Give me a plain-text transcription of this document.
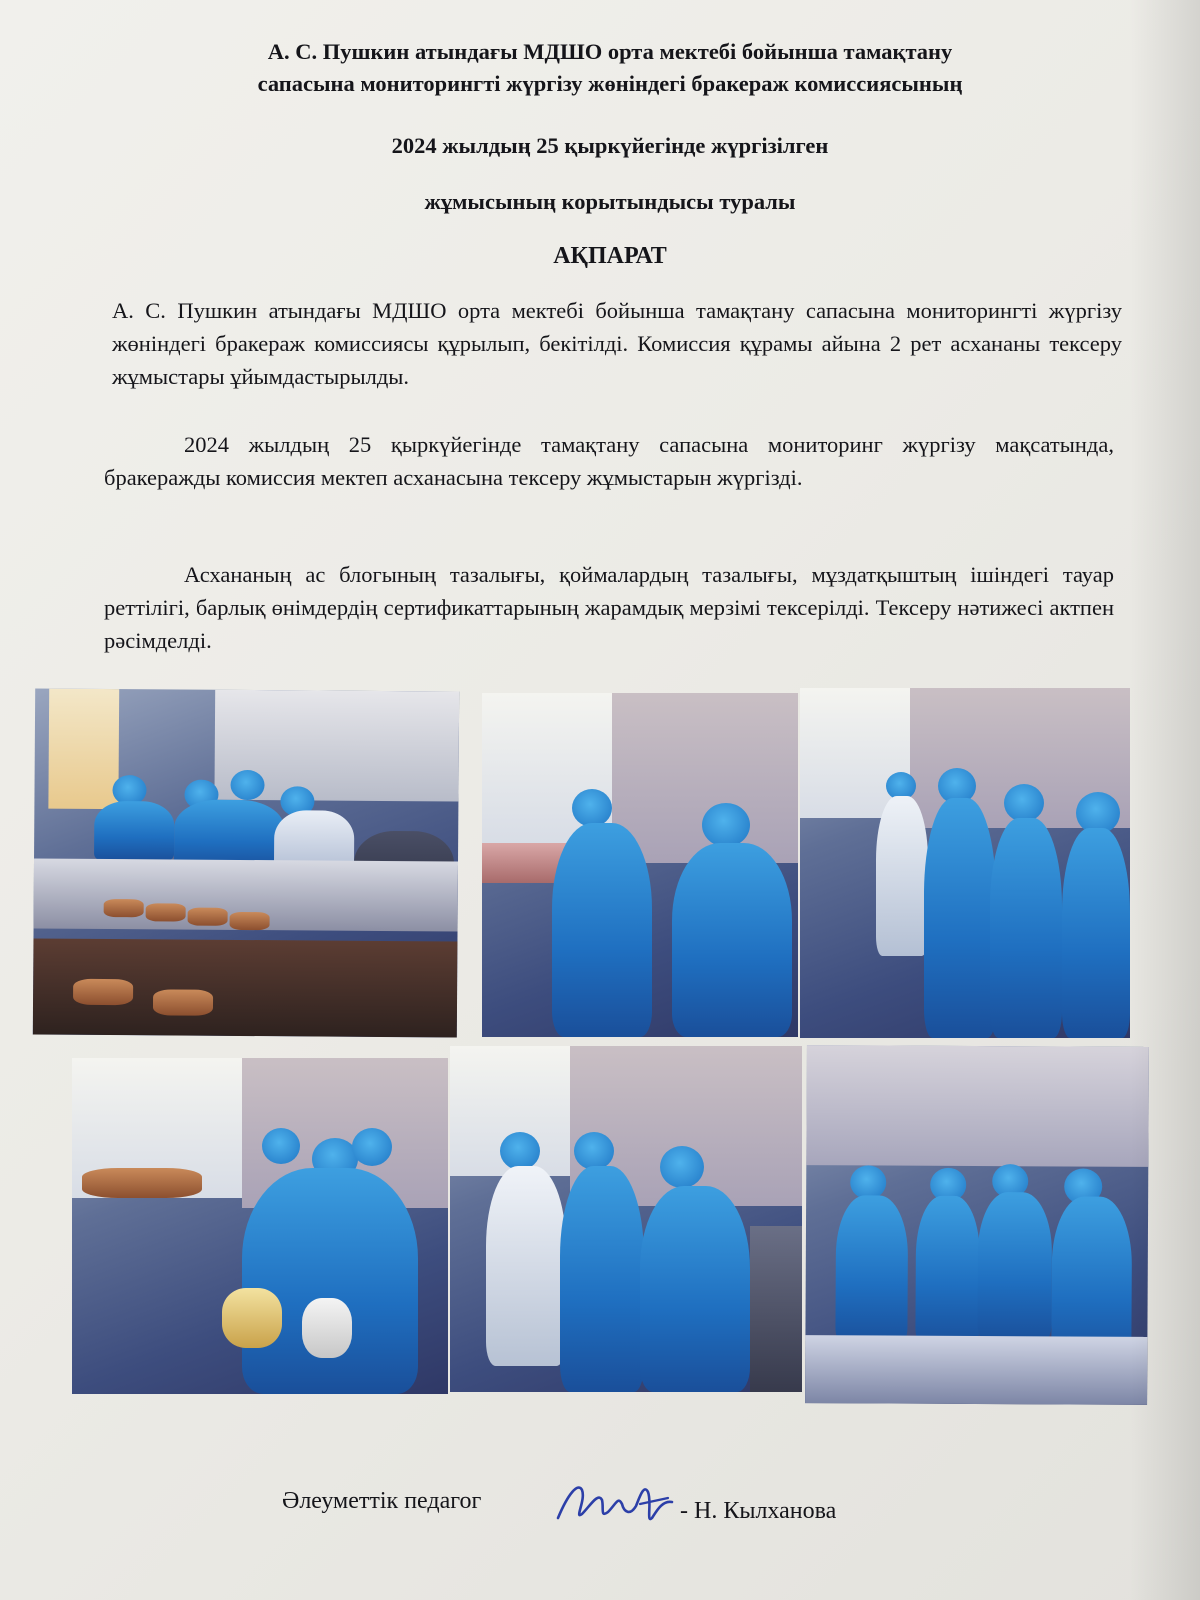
А. С. Пушкин атындағы МДШО орта мектебі бойынша тамақтану
сапасына мониторингті жүргізу жөніндегі бракераж комиссиясының

2024 жылдың 25 қыркүйегінде жүргізілген

жұмысының корытындысы туралы

АҚПАРАТ

А. С. Пушкин атындағы МДШО орта мектебі бойынша тамақтану сапасына мониторингті жүргізу жөніндегі бракераж комиссиясы құрылып, бекітілді. Комиссия құрамы айына 2 рет асхананы тексеру жұмыстары ұйымдастырылды.

2024 жылдың 25 қыркүйегінде тамақтану сапасына мониторинг жүргізу мақсатында, бракеражды комиссия мектеп асханасына тексеру жұмыстарын жүргізді.

Асхананың ас блогының тазалығы, қоймалардың тазалығы, мұздатқыштың ішіндегі тауар реттілігі, барлық өнімдердің сертификаттарының жарамдық мерзімі тексерілді. Тексеру нәтижесі актпен рәсімделді.

Әлеуметтік педагог	- Н. Кылханова
